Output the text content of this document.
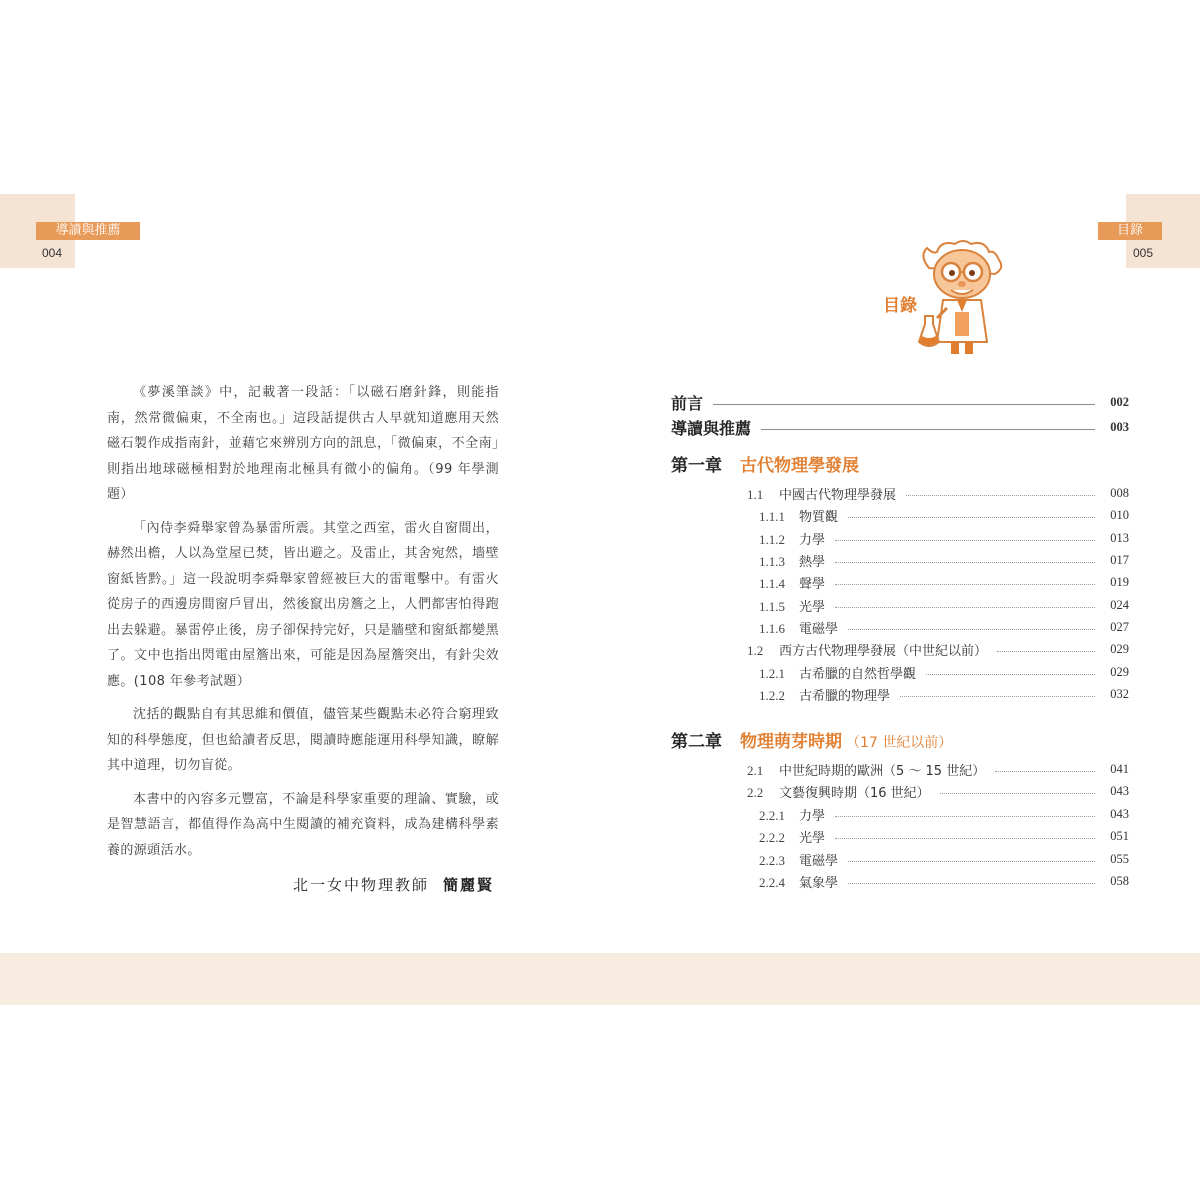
導讀與推薦
004
目錄
005

《夢溪筆談》中，記載著一段話：「以磁石磨針鋒，則能指南，然常微偏東，不全南也。」這段話提供古人早就知道應用天然磁石製作成指南針，並藉它來辨別方向的訊息，「微偏東，不全南」則指出地球磁極相對於地理南北極具有微小的偏角。（99 年學測題）

「內侍李舜舉家曾為暴雷所震。其堂之西室，雷火自窗間出，赫然出檐，人以為堂屋已焚，皆出避之。及雷止，其舍宛然，墻壁窗紙皆黔。」這一段說明李舜舉家曾經被巨大的雷電擊中。有雷火從房子的西邊房間窗戶冒出，然後竄出房簷之上，人們都害怕得跑出去躲避。暴雷停止後，房子卻保持完好，只是牆壁和窗紙都變黑了。文中也指出閃電由屋簷出來，可能是因為屋簷突出，有針尖效應。(108 年參考試題）

沈括的觀點自有其思維和價值，儘管某些觀點未必符合窮理致知的科學態度，但也給讀者反思，閱讀時應能運用科學知識，瞭解其中道理，切勿盲從。

本書中的內容多元豐富，不論是科學家重要的理論、實驗，或是智慧語言，都值得作為高中生閱讀的補充資料，成為建構科學素養的源頭活水。

北一女中物理教師 簡麗賢
目錄
前言	002
導讀與推薦	003
第一章 古代物理學發展
1.1 中國古代物理學發展	008
1.1.1 物質觀	010
1.1.2 力學	013
1.1.3 熱學	017
1.1.4 聲學	019
1.1.5 光學	024
1.1.6 電磁學	027
1.2 西方古代物理學發展（中世紀以前）	029
1.2.1 古希臘的自然哲學觀	029
1.2.2 古希臘的物理學	032
第二章 物理萌芽時期 （17 世紀以前）
2.1 中世紀時期的歐洲（5 ～ 15 世紀）	041
2.2 文藝復興時期（16 世紀）	043
2.2.1 力學	043
2.2.2 光學	051
2.2.3 電磁學	055
2.2.4 氣象學	058
